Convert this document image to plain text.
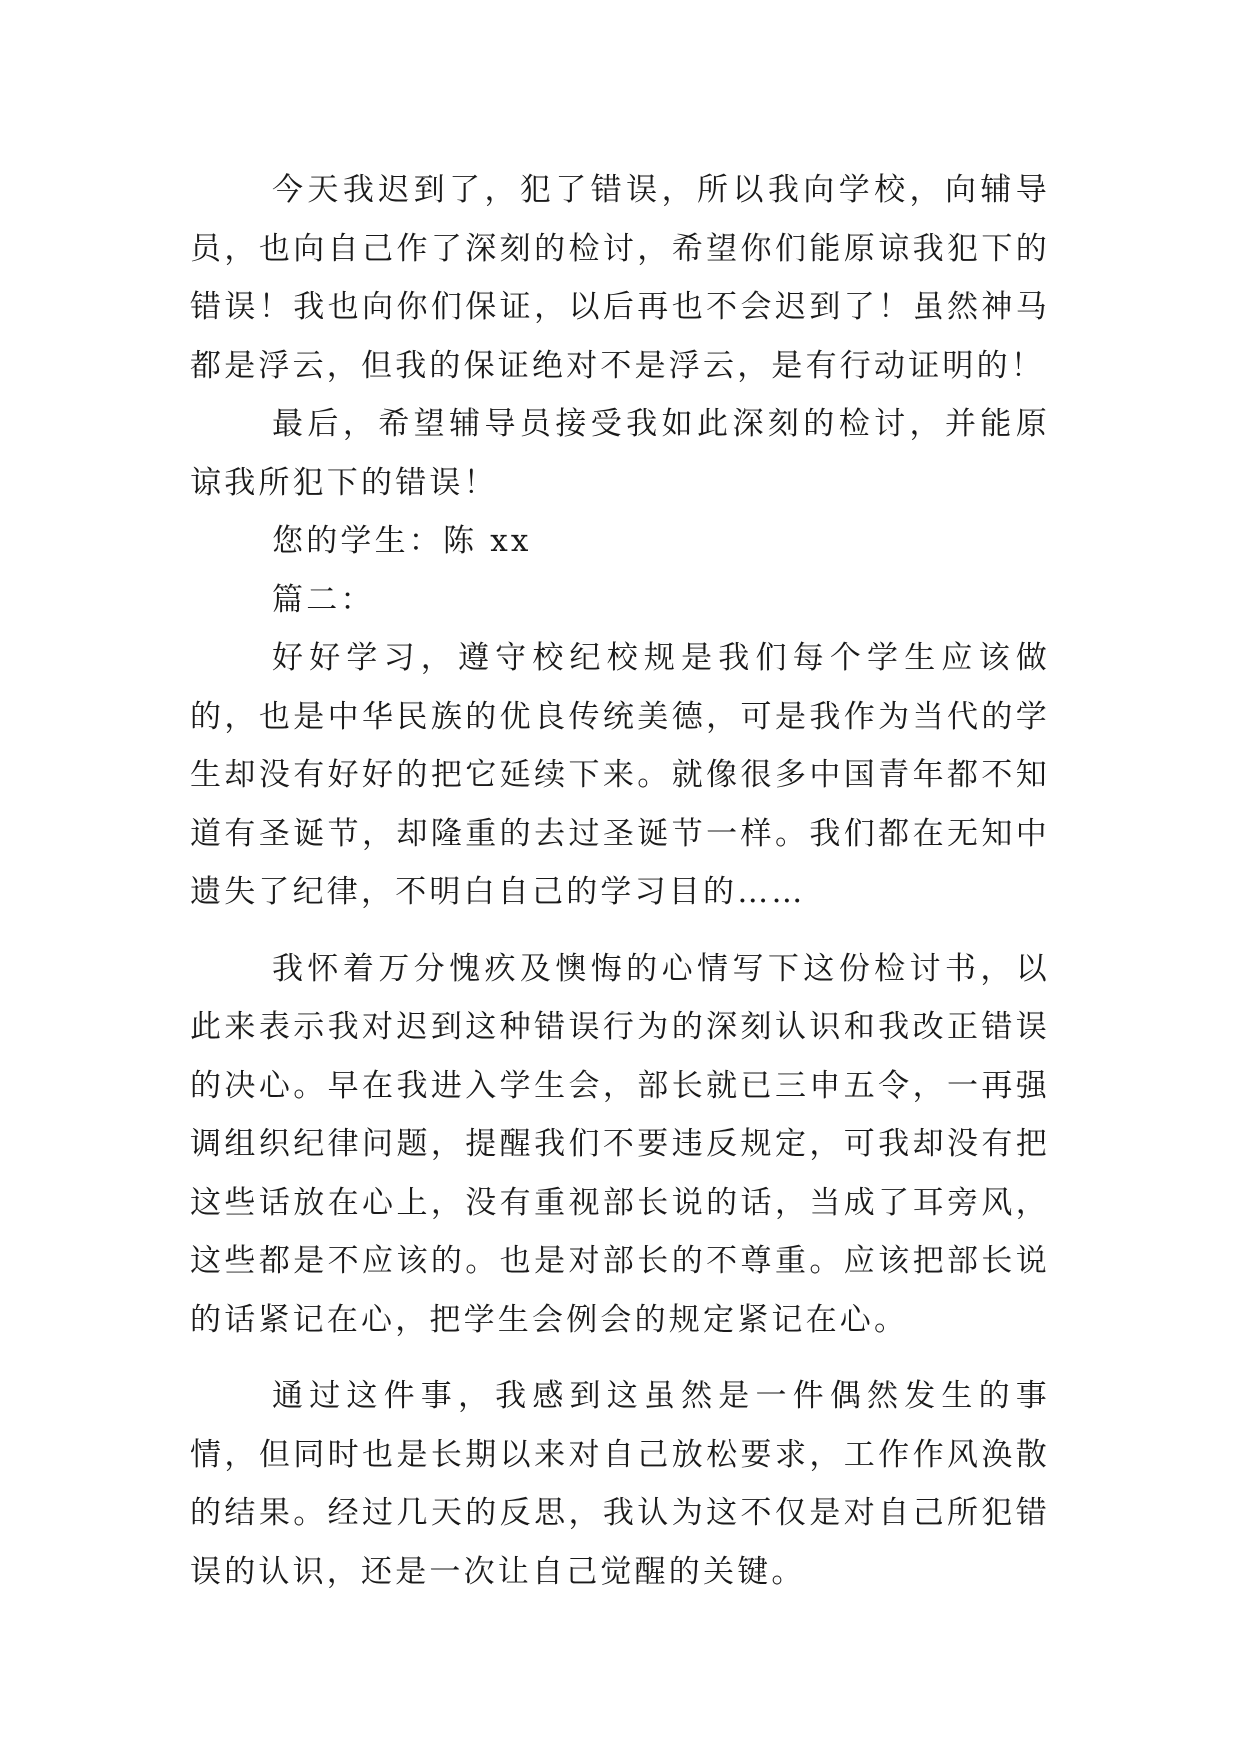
今天我迟到了，犯了错误，所以我向学校，向辅导员，也向自己作了深刻的检讨，希望你们能原谅我犯下的错误！我也向你们保证，以后再也不会迟到了！虽然神马都是浮云，但我的保证绝对不是浮云，是有行动证明的！

最后，希望辅导员接受我如此深刻的检讨，并能原谅我所犯下的错误！

您的学生：陈 xx

篇二：

好好学习，遵守校纪校规是我们每个学生应该做的，也是中华民族的优良传统美德，可是我作为当代的学生却没有好好的把它延续下来。就像很多中国青年都不知道有圣诞节，却隆重的去过圣诞节一样。我们都在无知中遗失了纪律，不明白自己的学习目的……

我怀着万分愧疚及懊悔的心情写下这份检讨书，以此来表示我对迟到这种错误行为的深刻认识和我改正错误的决心。早在我进入学生会，部长就已三申五令，一再强调组织纪律问题，提醒我们不要违反规定，可我却没有把这些话放在心上，没有重视部长说的话，当成了耳旁风，这些都是不应该的。也是对部长的不尊重。应该把部长说的话紧记在心，把学生会例会的规定紧记在心。

通过这件事，我感到这虽然是一件偶然发生的事情，但同时也是长期以来对自己放松要求，工作作风涣散的结果。经过几天的反思，我认为这不仅是对自己所犯错误的认识，还是一次让自己觉醒的关键。
